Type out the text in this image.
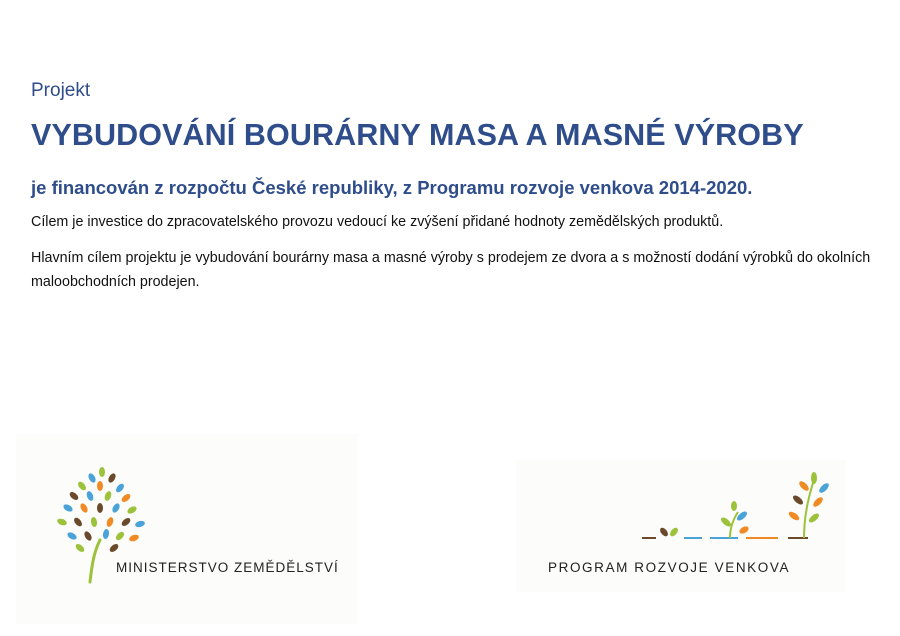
Projekt
VYBUDOVÁNÍ BOURÁRNY MASA A MASNÉ VÝROBY
je financován z rozpočtu České republiky, z Programu rozvoje venkova 2014-2020.
Cílem je investice do zpracovatelského provozu vedoucí ke zvýšení přidané hodnoty zemědělských produktů.
Hlavním cílem projektu je vybudování bourárny masa a masné výroby s prodejem ze dvora a s možností dodání výrobků do okolních maloobchodních prodejen.
MINISTERSTVO ZEMĚDĚLSTVÍ	PROGRAM ROZVOJE VENKOVA
